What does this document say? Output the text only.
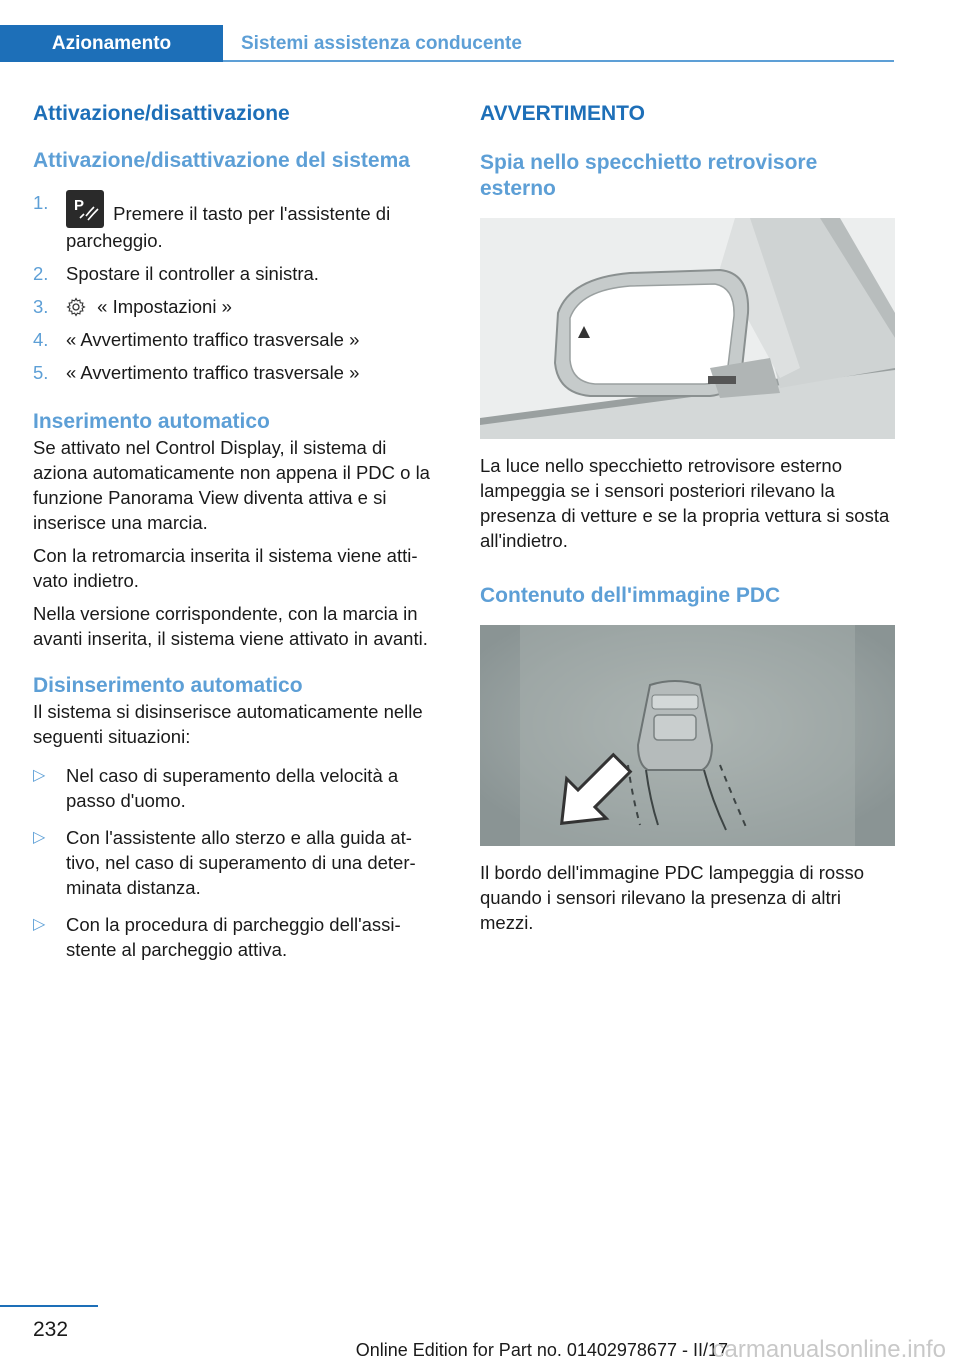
Azionamento	Sistemi assistenza conducente
Attivazione/disattivazione
Attivazione/disattivazione del sistema
1. P Premere il tasto per l'assistente di parcheggio.
2. Spostare il controller a sinistra.
3.	« Impostazioni »
4. « Avvertimento traffico trasversale »
5. « Avvertimento traffico trasversale »
Inserimento automatico

Se attivato nel Control Display, il sistema di aziona automaticamente non appena il PDC o la funzione Panorama View diventa attiva e si inserisce una marcia.

Con la retromarcia inserita il sistema viene atti-vato indietro.

Nella versione corrispondente, con la marcia in avanti inserita, il sistema viene attivato in avanti.

Disinserimento automatico

Il sistema si disinserisce automaticamente nelle seguenti situazioni:

▷ Nel caso di superamento della velocità a passo d'uomo.
▷ Con l'assistente allo sterzo e alla guida at-tivo, nel caso di superamento di una deter-minata distanza.
▷ Con la procedura di parcheggio dell'assi-stente al parcheggio attiva.
AVVERTIMENTO
Spia nello specchietto retrovisore esterno

La luce nello specchietto retrovisore esterno lampeggia se i sensori posteriori rilevano la presenza di vetture e se la propria vettura si sosta all'indietro.

Contenuto dell'immagine PDC

Il bordo dell'immagine PDC lampeggia di rosso quando i sensori rilevano la presenza di altri mezzi.

232
Online Edition for Part no. 01402978677 - II/17
carmanualsonline.info
